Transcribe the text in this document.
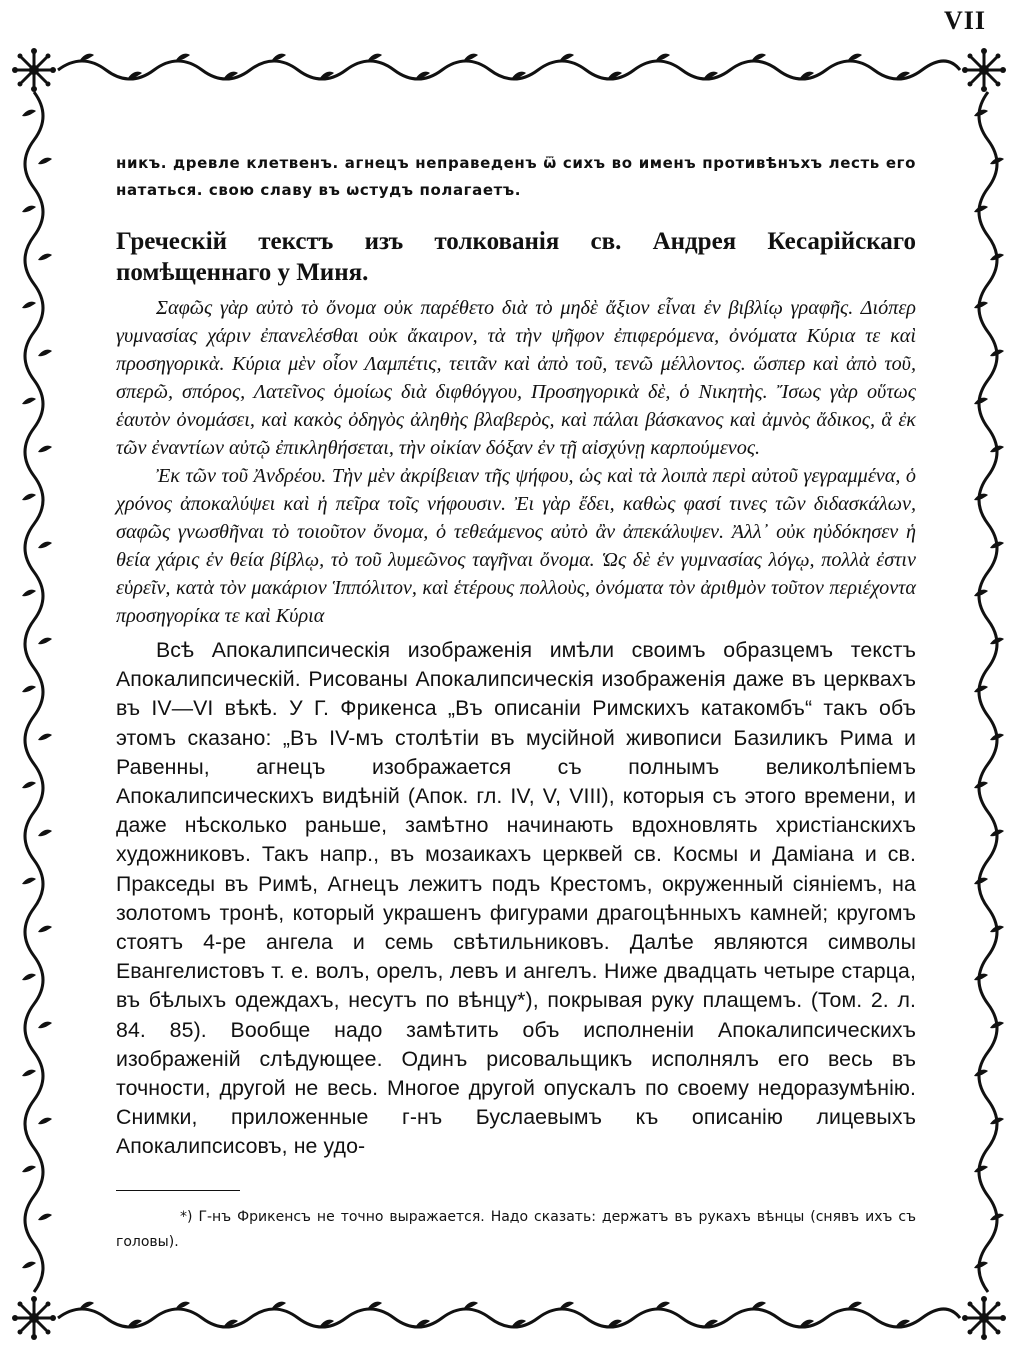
VII

никъ. древле клетвенъ. агнецъ неправеденъ ѿ сихъ во именъ противѣнъхъ лесть его нататься. свою славу въ ѡстудъ полагаетъ.

Греческій текстъ изъ толкованія св. Андрея Кесарійскаго помѣщеннаго у Миня.

Σαφῶς γὰρ αὐτὸ τὸ ὄνομα οὐκ παρέθετο διὰ τὸ μηδὲ ἄξιον εἶναι ἐν βιβλίῳ γραφῆς. Διόπερ γυμνασίας χάριν ἐπανελέσθαι οὐκ ἄκαιρον, τὰ τὴν ψῆφον ἐπιφερόμενα, ὀνόματα Κύρια τε καὶ προσηγορικὰ. Κύρια μὲν οἷον Λαμπέτις, τειτᾶν καὶ ἀπὸ τοῦ, τενῶ μέλλοντος. ὥσπερ καὶ ἀπὸ τοῦ, σπερῶ, σπόρος, Λατεῖνος ὁμοίως διὰ διφθόγγου, Προσηγορικὰ δὲ, ὁ Νικητὴς. Ἴσως γὰρ οὕτως ἑαυτὸν ὀνομάσει, καὶ κακὸς ὀδηγὸς ἀληθὴς βλαβερὸς, καὶ πάλαι βάσκανος καὶ ἀμνὸς ἄδικος, ἃ ἐκ τῶν ἐναντίων αὐτῷ ἐπικληθήσεται, τὴν οἰκίαν δόξαν ἐν τῇ αἰσχύνῃ καρπούμενος.

Ἐκ τῶν τοῦ Ἀνδρέου. Τὴν μὲν ἀκρίβειαν τῆς ψήφου, ὡς καὶ τὰ λοιπὰ περὶ αὐτοῦ γεγραμμένα, ὁ χρόνος ἀποκαλύψει καὶ ἡ πεῖρα τοῖς νήφουσιν. Ἐι γὰρ ἔδει, καθὼς φασί τινες τῶν διδασκάλων, σαφῶς γνωσθῆναι τὸ τοιοῦτον ὄνομα, ὁ τεθεάμενος αὐτὸ ἂν ἀπεκάλυψεν. Ἀλλ᾽ οὐκ ηὐδόκησεν ἡ θεία χάρις ἐν θεία βίβλῳ, τὸ τοῦ λυμεῶνος ταγῆναι ὄνομα. Ὡς δὲ ἐν γυμνασίας λόγῳ, πολλὰ ἐστιν εὑρεῖν, κατὰ τὸν μακάριον Ἱππόλιτον, καὶ ἑτέρους πολλοὺς, ὀνόματα τὸν ἀριθμὸν τοῦτον περιέχοντα προσηγορίκα τε καὶ Κύρια

Всѣ Апокалипсическія изображенія имѣли своимъ образцемъ текстъ Апокалипсическій. Рисованы Апокалипсическія изображенія даже въ церквахъ въ IV—VI вѣкѣ. У Г. Фрикенса „Въ описаніи Римскихъ катакомбъ“ такъ объ этомъ сказано: „Въ IV-мъ столѣтіи въ мусійной живописи Базиликъ Рима и Равенны, агнецъ изображается съ полнымъ великолѣпіемъ Апокалипсическихъ видѣній (Апок. гл. IV, V, VIII), которыя съ этого времени, и даже нѣсколько раньше, замѣтно начинають вдохновлять христіанскихъ художниковъ. Такъ напр., въ мозаикахъ церквей св. Космы и Даміана и св. Пракседы въ Римѣ, Агнецъ лежитъ подъ Крестомъ, окруженный сіяніемъ, на золотомъ тронѣ, который украшенъ фигурами драгоцѣнныхъ камней; кругомъ стоятъ 4-ре ангела и семь свѣтильниковъ. Далѣе являются символы Евангелистовъ т. е. волъ, орелъ, левъ и ангелъ. Ниже двадцать четыре старца, въ бѣлыхъ одеждахъ, несутъ по вѣнцу*), покрывая руку плащемъ. (Том. 2. л. 84. 85). Вообще надо замѣтить объ исполненіи Апокалипсическихъ изображеній слѣдующее. Одинъ рисовальщикъ исполнялъ его весь въ точности, другой не весь. Многое другой опускалъ по своему недоразумѣнію. Снимки, приложенные г-нъ Буслаевымъ къ описанію лицевыхъ Апокалипсисовъ, не удо-

*) Г-нъ Фрикенсъ не точно выражается. Надо сказать: держатъ въ рукахъ вѣнцы (снявъ ихъ съ головы).
